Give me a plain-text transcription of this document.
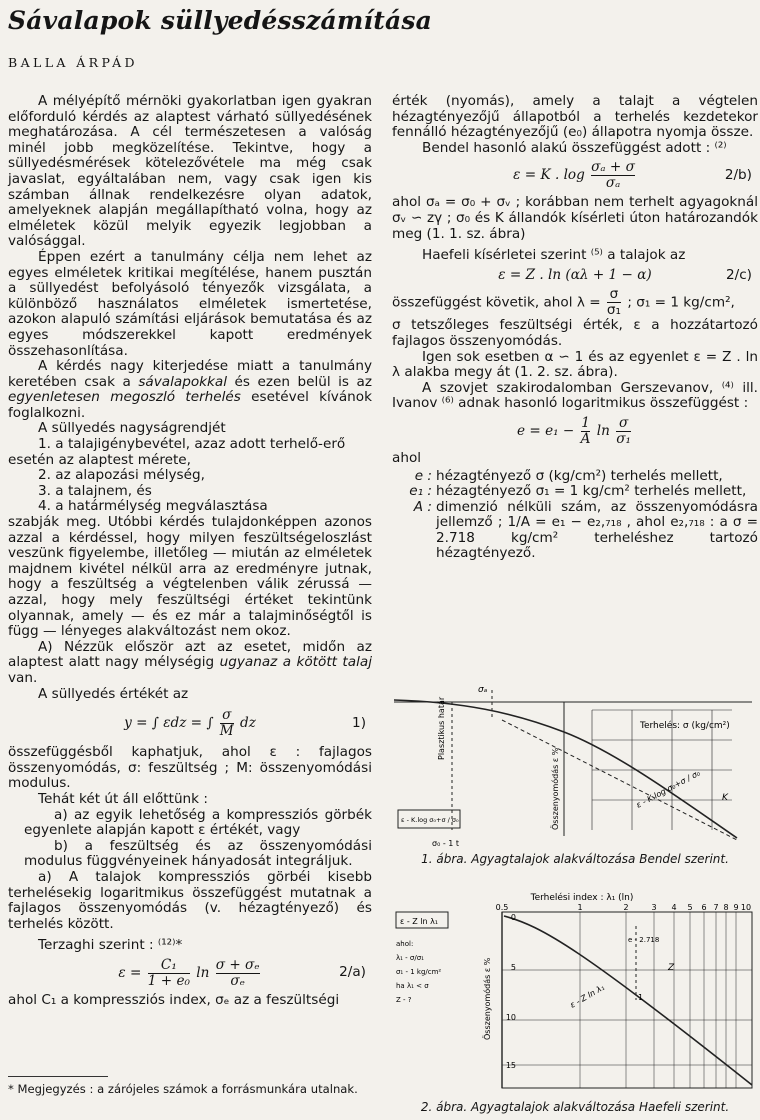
Sávalapok süllyedésszámítása
BALLA ÁRPÁD

A mélyépítő mérnöki gyakorlatban igen gyakran előforduló kérdés az alaptest várható süllyedésének meghatározása. A cél természetesen a valóság minél jobb megközelítése. Tekintve, hogy a süllyedésmérések kötelezővétele ma még csak javaslat, egyáltalában nem, vagy csak igen kis számban állnak rendelkezésre olyan adatok, amelyeknek alapján megállapítható volna, hogy az elméletek közül melyik egyezik legjobban a valósággal.

Éppen ezért a tanulmány célja nem lehet az egyes elméletek kritikai megítélése, hanem pusztán a süllyedést befolyásoló tényezők vizsgálata, a különböző használatos elméletek ismertetése, azokon alapuló számítási eljárások bemutatása és az egyes módszerekkel kapott eredmények összehasonlítása.

A kérdés nagy kiterjedése miatt a tanulmány keretében csak a sávalapokkal és ezen belül is az egyenletesen megoszló terhelés esetével kívánok foglalkozni.

A süllyedés nagyságrendjét

1. a talajigénybevétel, azaz adott terhelő-erő

esetén az alaptest mérete,

2. az alapozási mélység,

3. a talajnem, és

4. a határmélység megválasztása

szabják meg. Utóbbi kérdés tulajdonképpen azonos azzal a kérdéssel, hogy milyen feszültségeloszlást veszünk figyelembe, illetőleg — miután az elméletek majdnem kivétel nélkül arra az eredményre jutnak, hogy a feszültség a végtelenben válik zérussá — azzal, hogy mely feszültségi értéket tekintünk olyannak, amely — és ez már a talajminőségtől is függ — lényeges alakváltozást nem okoz.

A) Nézzük először azt az esetet, midőn az alaptest alatt nagy mélységig ugyanaz a kötött talaj van.

A süllyedés értékét az

y = ∫ εdz = ∫ $\frac{\sigma}{M}$ dz	1)

összefüggésből kaphatjuk, ahol ε : fajlagos összenyomódás, σ: feszültség ; M: összenyomódási modulus.

Tehát két út áll előttünk :

a) az egyik lehetőség a kompressziós görbék egyenlete alapján kapott ε értékét, vagy

b) a feszültség és az összenyomódási modulus függvényeinek hányadosát integráljuk.

a) A talajok kompressziós görbéi kisebb terhelésekig logaritmikus összefüggést mutatnak a fajlagos összenyomódás (v. hézagtényező) és terhelés között.

Terzaghi szerint : ⁽¹²⁾*

$\varepsilon = \frac{\text{C₁}}{\text{1 + e₀}}$ $\ln \frac{\text{σ + σₑ}}{\text{σₑ}}$	2/a)

ahol C₁ a kompressziós index, σₑ az a feszültségi

* Megjegyzés : a zárójeles számok a forrásmunkára utalnak.

érték (nyomás), amely a talajt a végtelen hézagtényezőjű állapotból a terhelés kezdetekor fennálló hézagtényezőjű (e₀) állapotra nyomja össze.

Bendel hasonló alakú összefüggést adott : ⁽²⁾

ε = K . $\log \frac{\text{σₐ + σ}}{\text{σₐ}}$	2/b)

ahol σₐ = σ₀ + σᵥ ; korábban nem terhelt agyagoknál σᵥ ∽ zγ ; σ₀ és K állandók kísérleti úton határozandók meg (1. 1. sz. ábra)

Haefeli kísérletei szerint ⁽⁵⁾ a talajok az

ε = Z . ln (αλ + 1 − α)	2/c)

összefüggést követik, ahol $\lambda = \frac{\sigma}{\text{σ₁}}$ ; σ₁ = 1 kg/cm²,

σ tetszőleges feszültségi érték, ε a hozzátartozó fajlagos összenyomódás.

Igen sok esetben α ∽ 1 és az egyenlet ε = Z . ln λ alakba megy át (1. 2. sz. ábra).

A szovjet szakirodalomban Gerszevanov, ⁽⁴⁾ ill. Ivanov ⁽⁶⁾ adnak hasonló logaritmikus összefüggést :

$e = e_1 - \frac{1}{A}$ $\ln \frac{\sigma}{\text{σ₁}}$

ahol

e : hézagtényező σ (kg/cm²) terhelés mellett,
e₁ : hézagtényező σ₁ = 1 kg/cm² terhelés mellett,
A : dimenzió nélküli szám, az összenyomódásra jellemző ; 1/A = e₁ − e₂,₇₁₈ , ahol e₂,₇₁₈ : a σ = 2.718 kg/cm² terheléshez tartozó hézagtényező.
Terhelés: σ (kg/cm²)
K
σₐ
ε - K.log σ₀+σ / σ₀
ε - K.log σ₀+σ / σ₀
Plasztikus határ
Összenyomódás ε %
σ₀ - 1 t
1. ábra. Agyagtalajok alakváltozása Bendel szerint.
Terhelési index : λ₁ (ln)
0.5	1	2	3 4 5 6 7 8 9 10
0
5
10
15
ε - Z ln λ₁
ahol:
λ₁ - σ/σ₁
σ₁ - 1 kg/cm²
ha λ₁ < σ
Z - ?	Összenyomódás ε %	Z
e - 2.718
1
ε - Z ln λ₁
2. ábra. Agyagtalajok alakváltozása Haefeli szerint.
